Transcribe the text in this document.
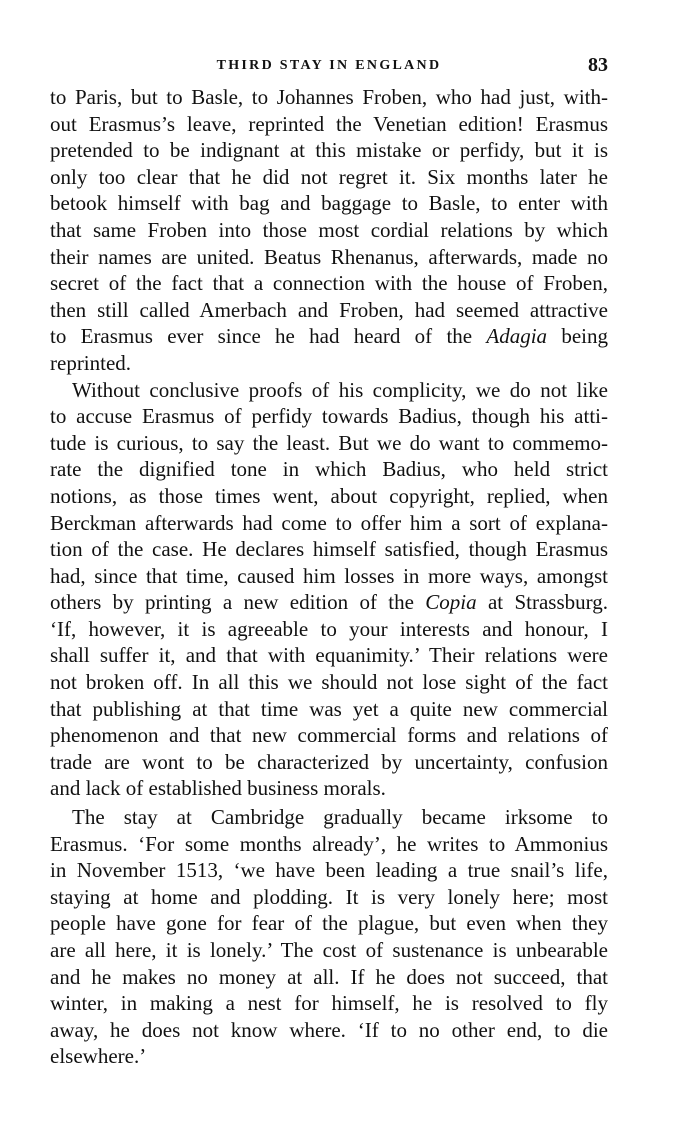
THIRD STAY IN ENGLAND	83
to Paris, but to Basle, to Johannes Froben, who had just, with-
out Erasmus’s leave, reprinted the Venetian edition! Erasmus
pretended to be indignant at this mistake or perfidy, but it is
only too clear that he did not regret it. Six months later he
betook himself with bag and baggage to Basle, to enter with
that same Froben into those most cordial relations by which
their names are united. Beatus Rhenanus, afterwards, made no
secret of the fact that a connection with the house of Froben,
then still called Amerbach and Froben, had seemed attractive
to Erasmus ever since he had heard of the Adagia being
reprinted.
Without conclusive proofs of his complicity, we do not like
to accuse Erasmus of perfidy towards Badius, though his atti-
tude is curious, to say the least. But we do want to commemo-
rate the dignified tone in which Badius, who held strict
notions, as those times went, about copyright, replied, when
Berckman afterwards had come to offer him a sort of explana-
tion of the case. He declares himself satisfied, though Erasmus
had, since that time, caused him losses in more ways, amongst
others by printing a new edition of the Copia at Strassburg.
‘If, however, it is agreeable to your interests and honour, I
shall suffer it, and that with equanimity.’ Their relations were
not broken off. In all this we should not lose sight of the fact
that publishing at that time was yet a quite new commercial
phenomenon and that new commercial forms and relations of
trade are wont to be characterized by uncertainty, confusion
and lack of established business morals.
The stay at Cambridge gradually became irksome to
Erasmus. ‘For some months already’, he writes to Ammonius
in November 1513, ‘we have been leading a true snail’s life,
staying at home and plodding. It is very lonely here; most
people have gone for fear of the plague, but even when they
are all here, it is lonely.’ The cost of sustenance is unbearable
and he makes no money at all. If he does not succeed, that
winter, in making a nest for himself, he is resolved to fly
away, he does not know where. ‘If to no other end, to die
elsewhere.’
